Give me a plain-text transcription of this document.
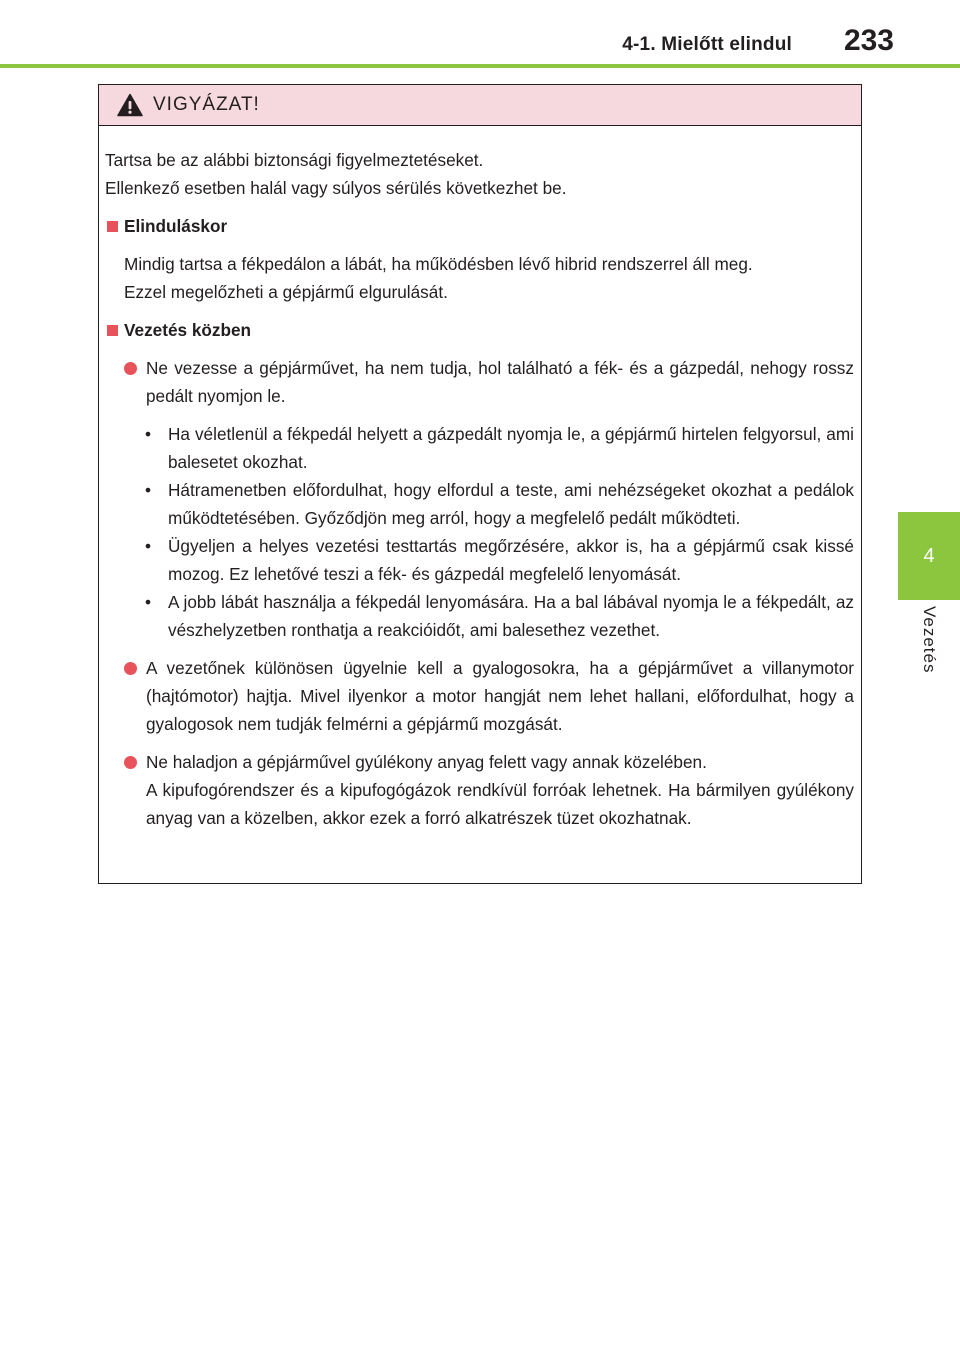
4-1. Mielőtt elindul 233
4
Vezetés
VIGYÁZAT!

Tartsa be az alábbi biztonsági figyelmeztetéseket.

Ellenkező esetben halál vagy súlyos sérülés következhet be.

Elinduláskor

Mindig tartsa a fékpedálon a lábát, ha működésben lévő hibrid rendszerrel áll meg.

Ezzel megelőzheti a gépjármű elgurulását.

Vezetés közben

Ne vezesse a gépjárművet, ha nem tudja, hol található a fék- és a gázpedál, nehogy rossz pedált nyomjon le.

• Ha véletlenül a fékpedál helyett a gázpedált nyomja le, a gépjármű hirtelen felgyorsul, ami balesetet okozhat.
• Hátramenetben előfordulhat, hogy elfordul a teste, ami nehézségeket okozhat a pedálok működtetésében. Győződjön meg arról, hogy a megfelelő pedált működteti.
• Ügyeljen a helyes vezetési testtartás megőrzésére, akkor is, ha a gépjármű csak kissé mozog. Ez lehetővé teszi a fék- és gázpedál megfelelő lenyomását.
• A jobb lábát használja a fékpedál lenyomására. Ha a bal lábával nyomja le a fékpedált, az vészhelyzetben ronthatja a reakcióidőt, ami balesethez vezethet.

A vezetőnek különösen ügyelnie kell a gyalogosokra, ha a gépjárművet a villanymotor (hajtómotor) hajtja. Mivel ilyenkor a motor hangját nem lehet hallani, előfordulhat, hogy a gyalogosok nem tudják felmérni a gépjármű mozgását.

Ne haladjon a gépjárművel gyúlékony anyag felett vagy annak közelében.

A kipufogórendszer és a kipufogógázok rendkívül forróak lehetnek. Ha bármilyen gyúlékony anyag van a közelben, akkor ezek a forró alkatrészek tüzet okozhatnak.
